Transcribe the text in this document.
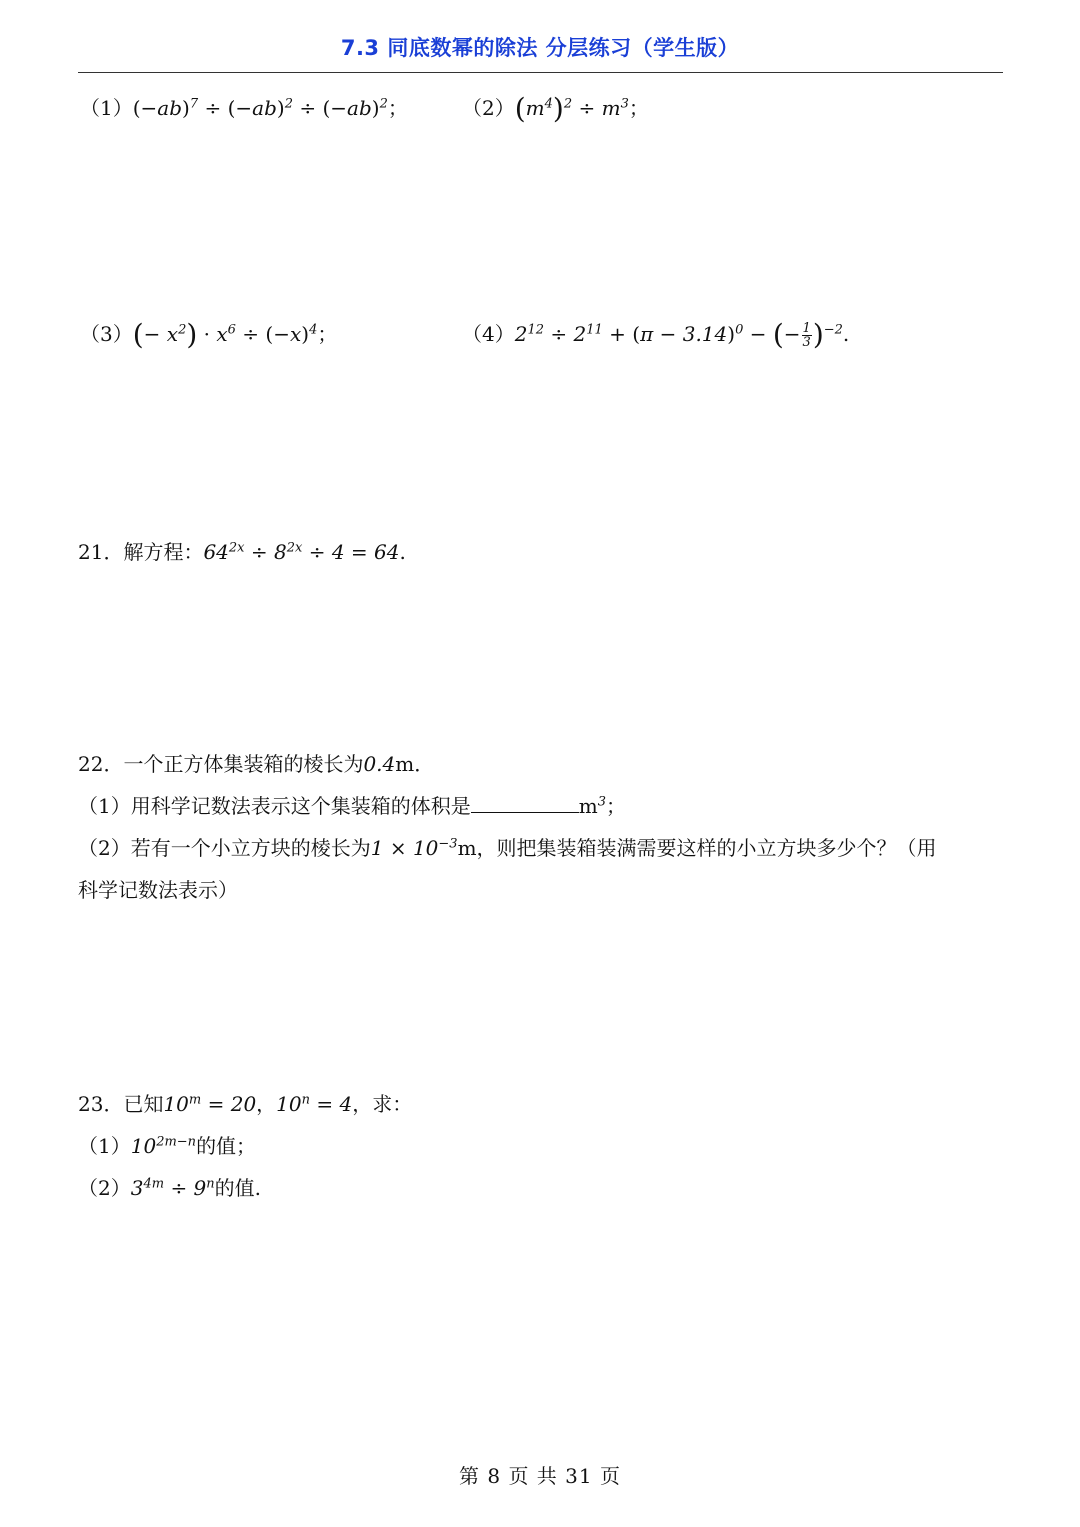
7.3 同底数幂的除法 分层练习（学生版）
$(1)(-ab)^7 \div (-ab)^2 \div (-ab)^2$；	$(2)(m^4)^2 \div m^3$；
$(3)(- x^2) \cdot x^6 \div (-x)^4$；	$(4)2^{12} \div 2^{11} + (\pi - 3.14)^0$ − (− $\frac{1}{3} )^{-2}$.
21．解方程：$64^{2x} \div 8^{2x} \div 4 = 64$.
22．一个正方体集装箱的棱长为0.4m．
（1）用科学记数法表示这个集装箱的体积是	$m^3$；
（2）若有一个小立方块的棱长为$1 \times 10^{-3}m$，则把集装箱装满需要这样的小立方块多少个？（用
科学记数法表示）
23．已知$10^m = 20$，$10^n = 4$，求：
$(1)10^{2m-n}$的值；
$(2)3^{4m} \div 9^n$的值.
第 8 页 共 31 页
